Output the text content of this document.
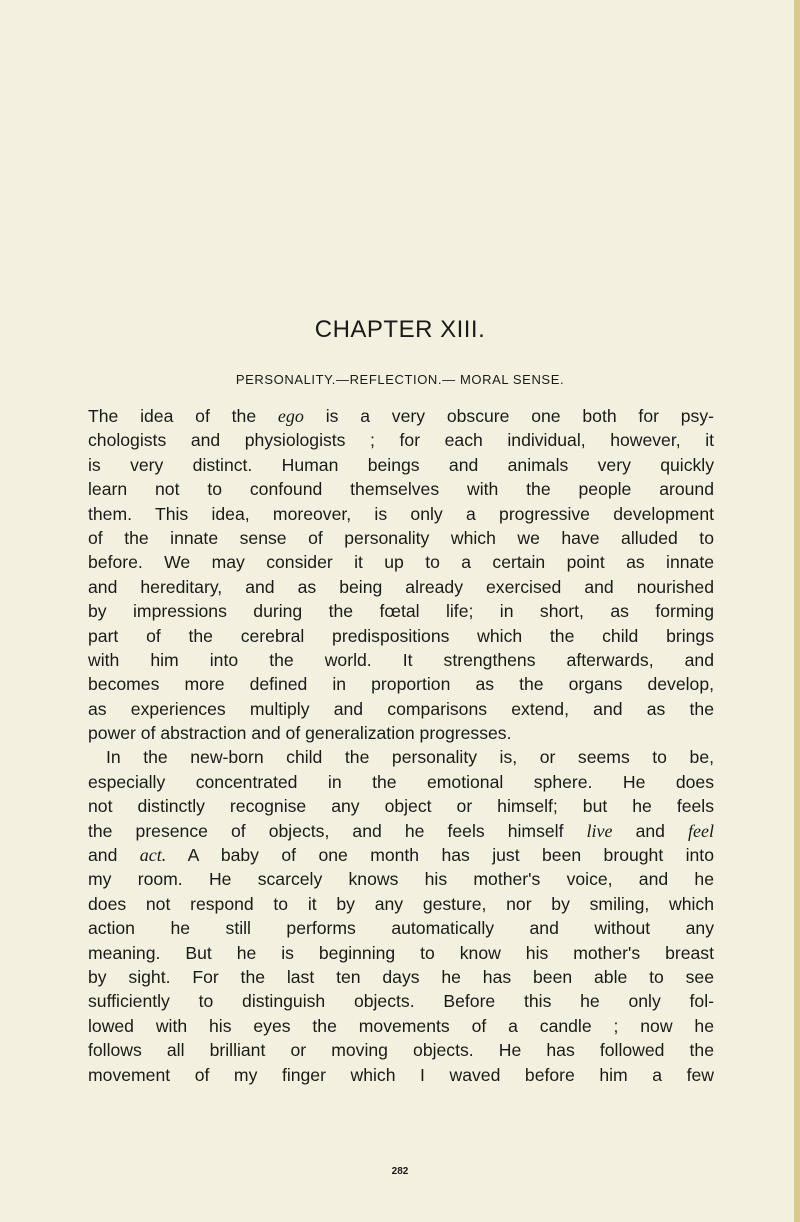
CHAPTER XIII.
PERSONALITY.—REFLECTION.— MORAL SENSE.
The idea of the ego is a very obscure one both for psy-
chologists and physiologists ; for each individual, however, it
is very distinct. Human beings and animals very quickly
learn not to confound themselves with the people around
them. This idea, moreover, is only a progressive development
of the innate sense of personality which we have alluded to
before. We may consider it up to a certain point as innate
and hereditary, and as being already exercised and nourished
by impressions during the fœtal life; in short, as forming
part of the cerebral predispositions which the child brings
with him into the world. It strengthens afterwards, and
becomes more defined in proportion as the organs develop,
as experiences multiply and comparisons extend, and as the
power of abstraction and of generalization progresses.
In the new-born child the personality is, or seems to be,
especially concentrated in the emotional sphere. He does
not distinctly recognise any object or himself; but he feels
the presence of objects, and he feels himself live and feel
and act. A baby of one month has just been brought into
my room. He scarcely knows his mother's voice, and he
does not respond to it by any gesture, nor by smiling, which
action he still performs automatically and without any
meaning. But he is beginning to know his mother's breast
by sight. For the last ten days he has been able to see
sufficiently to distinguish objects. Before this he only fol-
lowed with his eyes the movements of a candle ; now he
follows all brilliant or moving objects. He has followed the
movement of my finger which I waved before him a few
282
